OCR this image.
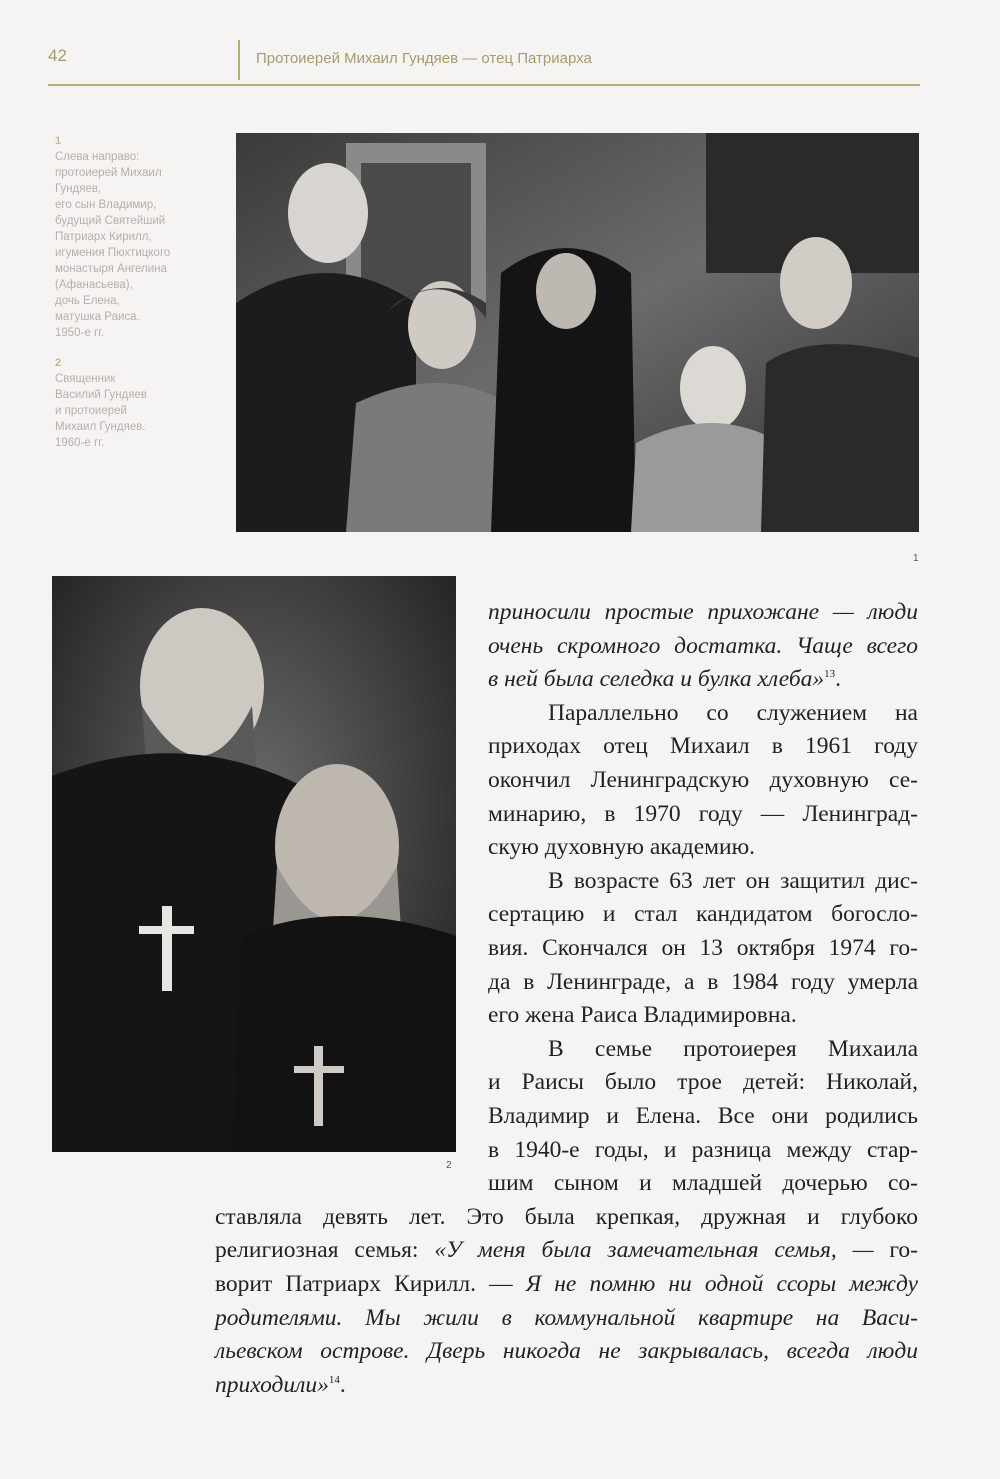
42	Протоиерей Михаил Гундяев — отец Патриарха
1
Слева направо:
протоиерей Михаил
Гундяев,
его сын Владимир,
будущий Святейший
Патриарх Кирилл,
игумения Пюхтицкого
монастыря Ангелина
(Афанасьева),
дочь Елена,
матушка Раиса.
1950-е гг.
2
Священник
Василий Гундяев
и протоиерей
Михаил Гундяев.
1960-е гг.
1
2
приносили простые прихожане — люди
очень скромного достатка. Чаще всего
в ней была селедка и булка хлеба»$^{13}$.
Параллельно со служением на
приходах отец Михаил в 1961 году
окончил Ленинградскую духовную се-
минарию, в 1970 году — Ленинград-
скую духовную академию.
В возрасте 63 лет он защитил дис-
сертацию и стал кандидатом богосло-
вия. Скончался он 13 октября 1974 го-
да в Ленинграде, а в 1984 году умерла
его жена Раиса Владимировна.
В семье протоиерея Михаила
и Раисы было трое детей: Николай,
Владимир и Елена. Все они родились
в 1940-е годы, и разница между стар-
шим сыном и младшей дочерью со-
ставляла девять лет. Это была крепкая, дружная и глубоко
религиозная семья: «У меня была замечательная семья, — го-
ворит Патриарх Кирилл. — Я не помню ни одной ссоры между
родителями. Мы жили в коммунальной квартире на Васи-
льевском острове. Дверь никогда не закрывалась, всегда люди
приходили»$^{14}$.
